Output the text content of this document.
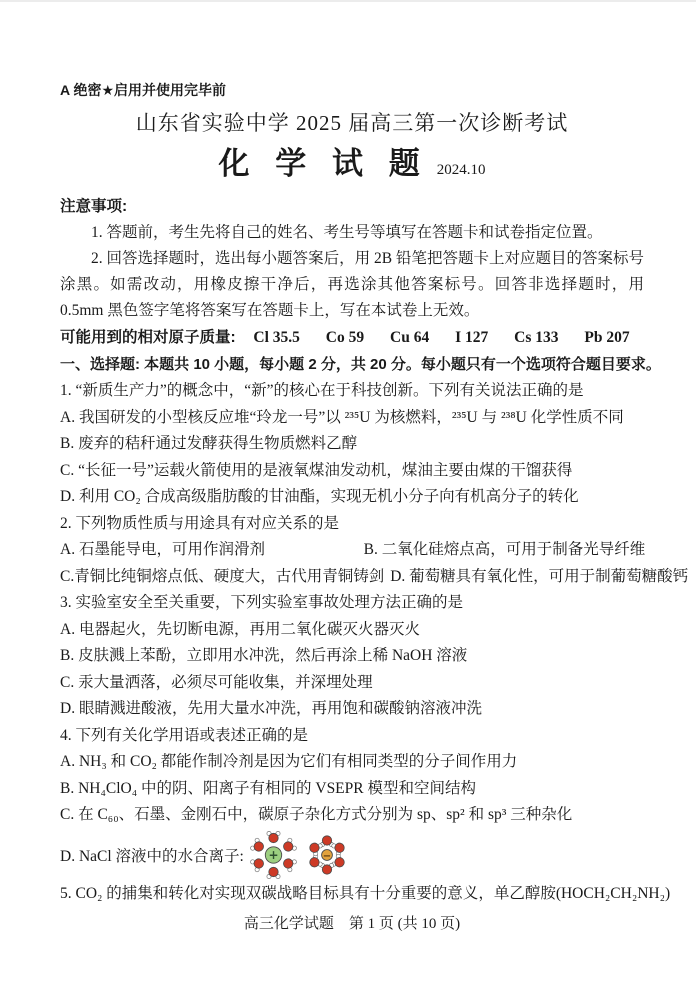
A 绝密★启用并使用完毕前
山东省实验中学 2025 届高三第一次诊断考试
化 学 试 题 2024.10

注意事项:

1. 答题前，考生先将自己的姓名、考生号等填写在答题卡和试卷指定位置。

2. 回答选择题时，选出每小题答案后，用 2B 铅笔把答题卡上对应题目的答案标号涂黑。如需改动，用橡皮擦干净后，再选涂其他答案标号。回答非选择题时，用 0.5mm 黑色签字笔将答案写在答题卡上，写在本试卷上无效。

可能用到的相对原子质量: Cl 35.5 Co 59 Cu 64 I 127 Cs 133 Pb 207

一、选择题: 本题共 10 小题，每小题 2 分，共 20 分。每小题只有一个选项符合题目要求。

1. “新质生产力”的概念中，“新”的核心在于科技创新。下列有关说法正确的是

A. 我国研发的小型核反应堆“玲龙一号”以 ²³⁵U 为核燃料，²³⁵U 与 ²³⁸U 化学性质不同

B. 废弃的秸秆通过发酵获得生物质燃料乙醇

C. “长征一号”运载火箭使用的是液氧煤油发动机，煤油主要由煤的干馏获得

D. 利用 CO₂ 合成高级脂肪酸的甘油酯，实现无机小分子向有机高分子的转化

2. 下列物质性质与用途具有对应关系的是

A. 石墨能导电，可用作润滑剂	B. 二氧化硅熔点高，可用于制备光导纤维
C.青铜比纯铜熔点低、硬度大，古代用青铜铸剑 D. 葡萄糖具有氧化性，可用于制葡萄糖酸钙

3. 实验室安全至关重要，下列实验室事故处理方法正确的是

A. 电器起火，先切断电源，再用二氧化碳灭火器灭火

B. 皮肤溅上苯酚，立即用水冲洗，然后再涂上稀 NaOH 溶液

C. 汞大量洒落，必须尽可能收集，并深埋处理

D. 眼睛溅进酸液，先用大量水冲洗，再用饱和碳酸钠溶液冲洗

4. 下列有关化学用语或表述正确的是

A. NH₃ 和 CO₂ 都能作制冷剂是因为它们有相同类型的分子间作用力

B. NH₄ClO₄ 中的阴、阳离子有相同的 VSEPR 模型和空间结构

C. 在 C₆₀、石墨、金刚石中，碳原子杂化方式分别为 sp、sp² 和 sp³ 三种杂化

D. NaCl 溶液中的水合离子: +	−

5. CO₂ 的捕集和转化对实现双碳战略目标具有十分重要的意义，单乙醇胺(HOCH₂CH₂NH₂)

高三化学试题　第 1 页 (共 10 页)
